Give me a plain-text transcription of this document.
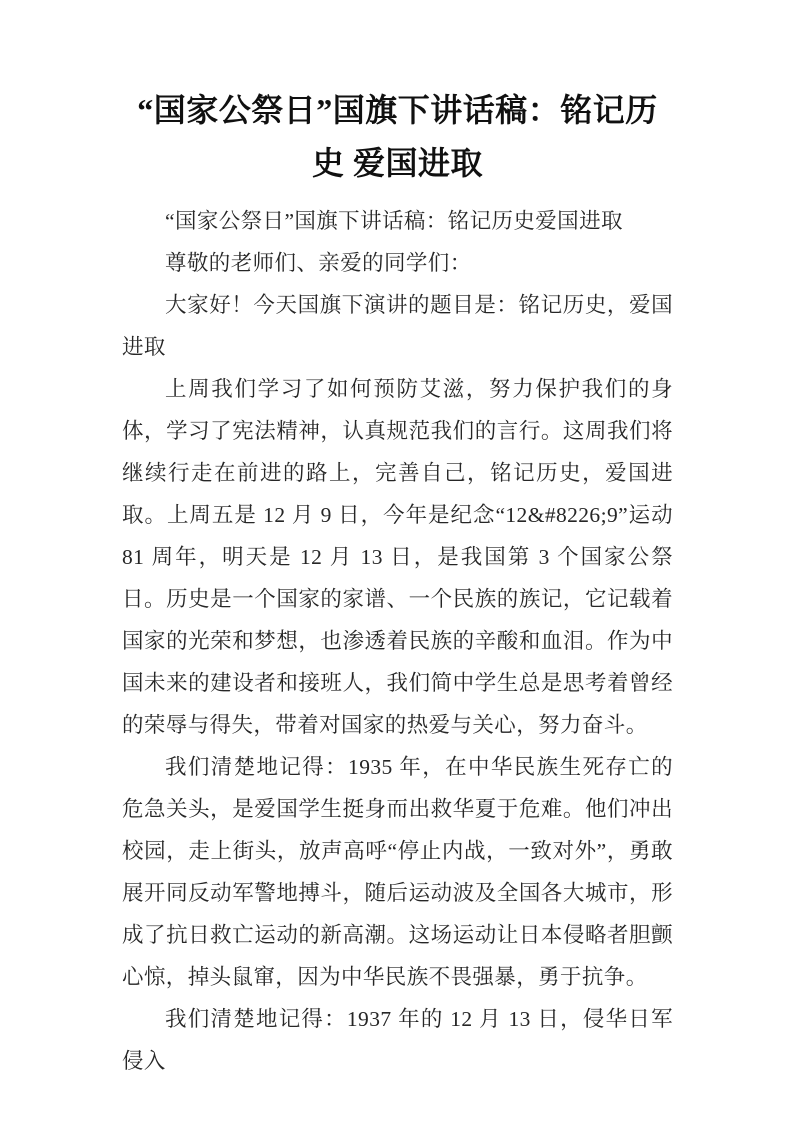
“国家公祭日”国旗下讲话稿：铭记历史 爱国进取

“国家公祭日”国旗下讲话稿：铭记历史爱国进取

尊敬的老师们、亲爱的同学们：

大家好！今天国旗下演讲的题目是：铭记历史，爱国进取

上周我们学习了如何预防艾滋，努力保护我们的身体，学习了宪法精神，认真规范我们的言行。这周我们将继续行走在前进的路上，完善自己，铭记历史，爱国进取。上周五是 12 月 9 日，今年是纪念“12&#8226;9”运动 81 周年，明天是 12 月 13 日，是我国第 3 个国家公祭日。历史是一个国家的家谱、一个民族的族记，它记载着国家的光荣和梦想，也渗透着民族的辛酸和血泪。作为中国未来的建设者和接班人，我们简中学生总是思考着曾经的荣辱与得失，带着对国家的热爱与关心，努力奋斗。

我们清楚地记得：1935 年，在中华民族生死存亡的危急关头，是爱国学生挺身而出救华夏于危难。他们冲出校园，走上街头，放声高呼“停止内战，一致对外”，勇敢展开同反动军警地搏斗，随后运动波及全国各大城市，形成了抗日救亡运动的新高潮。这场运动让日本侵略者胆颤心惊，掉头鼠窜，因为中华民族不畏强暴，勇于抗争。

我们清楚地记得：1937 年的 12 月 13 日，侵华日军侵入
